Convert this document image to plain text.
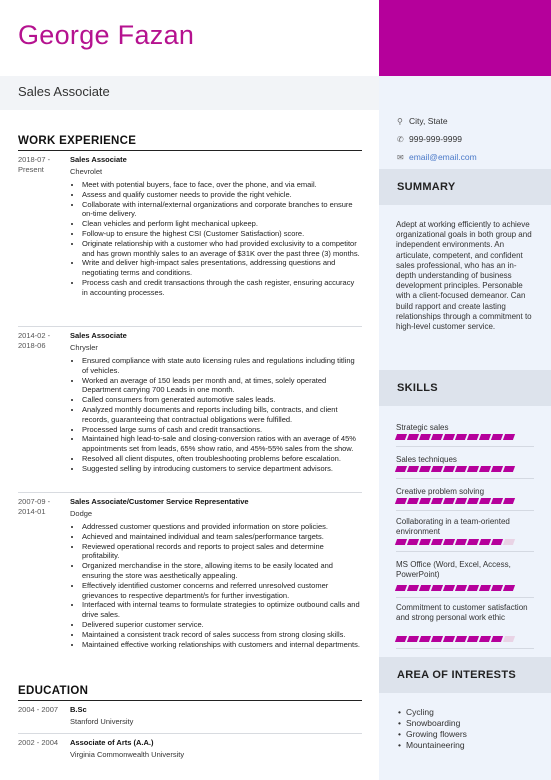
George Fazan
Sales Associate
⚲ City, State
✆ 999-999-9999
✉ email@email.com
SUMMARY
Adept at working efficiently to achieve organizational goals in both group and independent environments. An articulate, competent, and confident sales professional, who has an in-depth understanding of business development principles. Personable with a client-focused demeanor. Can build rapport and create lasting relationships through a commitment to high-level customer service.
SKILLS
Strategic sales
Sales techniques
Creative problem solving
Collaborating in a team-oriented environment
MS Office (Word, Excel, Access, PowerPoint)
Commitment to customer satisfaction and strong personal work ethic
AREA OF INTERESTS
• Cycling
• Snowboarding
• Growing flowers
• Mountaineering
WORK EXPERIENCE
2018-07 - Present
Sales Associate
Chevrolet
• Meet with potential buyers, face to face, over the phone, and via email.
• Assess and qualify customer needs to provide the right vehicle.
• Collaborate with internal/external organizations and corporate branches to ensure on-time delivery.
• Clean vehicles and perform light mechanical upkeep.
• Follow-up to ensure the highest CSI (Customer Satisfaction) score.
• Originate relationship with a customer who had provided exclusivity to a competitor and has grown monthly sales to an average of $31K over the past three (3) months.
• Write and deliver high-impact sales presentations, addressing questions and negotiating terms and conditions.
• Process cash and credit transactions through the cash register, ensuring accuracy in accounting processes.
2014-02 - 2018-06
Sales Associate
Chrysler
• Ensured compliance with state auto licensing rules and regulations including titling of vehicles.
• Worked an average of 150 leads per month and, at times, solely operated Department carrying 700 Leads in one month.
• Called consumers from generated automotive sales leads.
• Analyzed monthly documents and reports including bills, contracts, and client records, guaranteeing that contractual obligations were fulfilled.
• Processed large sums of cash and credit transactions.
• Maintained high lead-to-sale and closing-conversion ratios with an average of 45% appointments set from leads, 65% show ratio, and 45%-55% sales from the show.
• Resolved all client disputes, often troubleshooting problems before escalation.
• Suggested selling by introducing customers to service department advisors.
2007-09 - 2014-01
Sales Associate/Customer Service Representative
Dodge
• Addressed customer questions and provided information on store policies.
• Achieved and maintained individual and team sales/performance targets.
• Reviewed operational records and reports to project sales and determine profitability.
• Organized merchandise in the store, allowing items to be easily located and ensuring the store was aesthetically appealing.
• Effectively identified customer concerns and referred unresolved customer grievances to respective department/s for further investigation.
• Interfaced with internal teams to formulate strategies to optimize outbound calls and drive sales.
• Delivered superior customer service.
• Maintained a consistent track record of sales success from strong closing skills.
• Maintained effective working relationships with customers and internal departments.
EDUCATION
2004 - 2007	B.Sc
Stanford University
2002 - 2004	Associate of Arts (A.A.)
Virginia Commonwealth University
